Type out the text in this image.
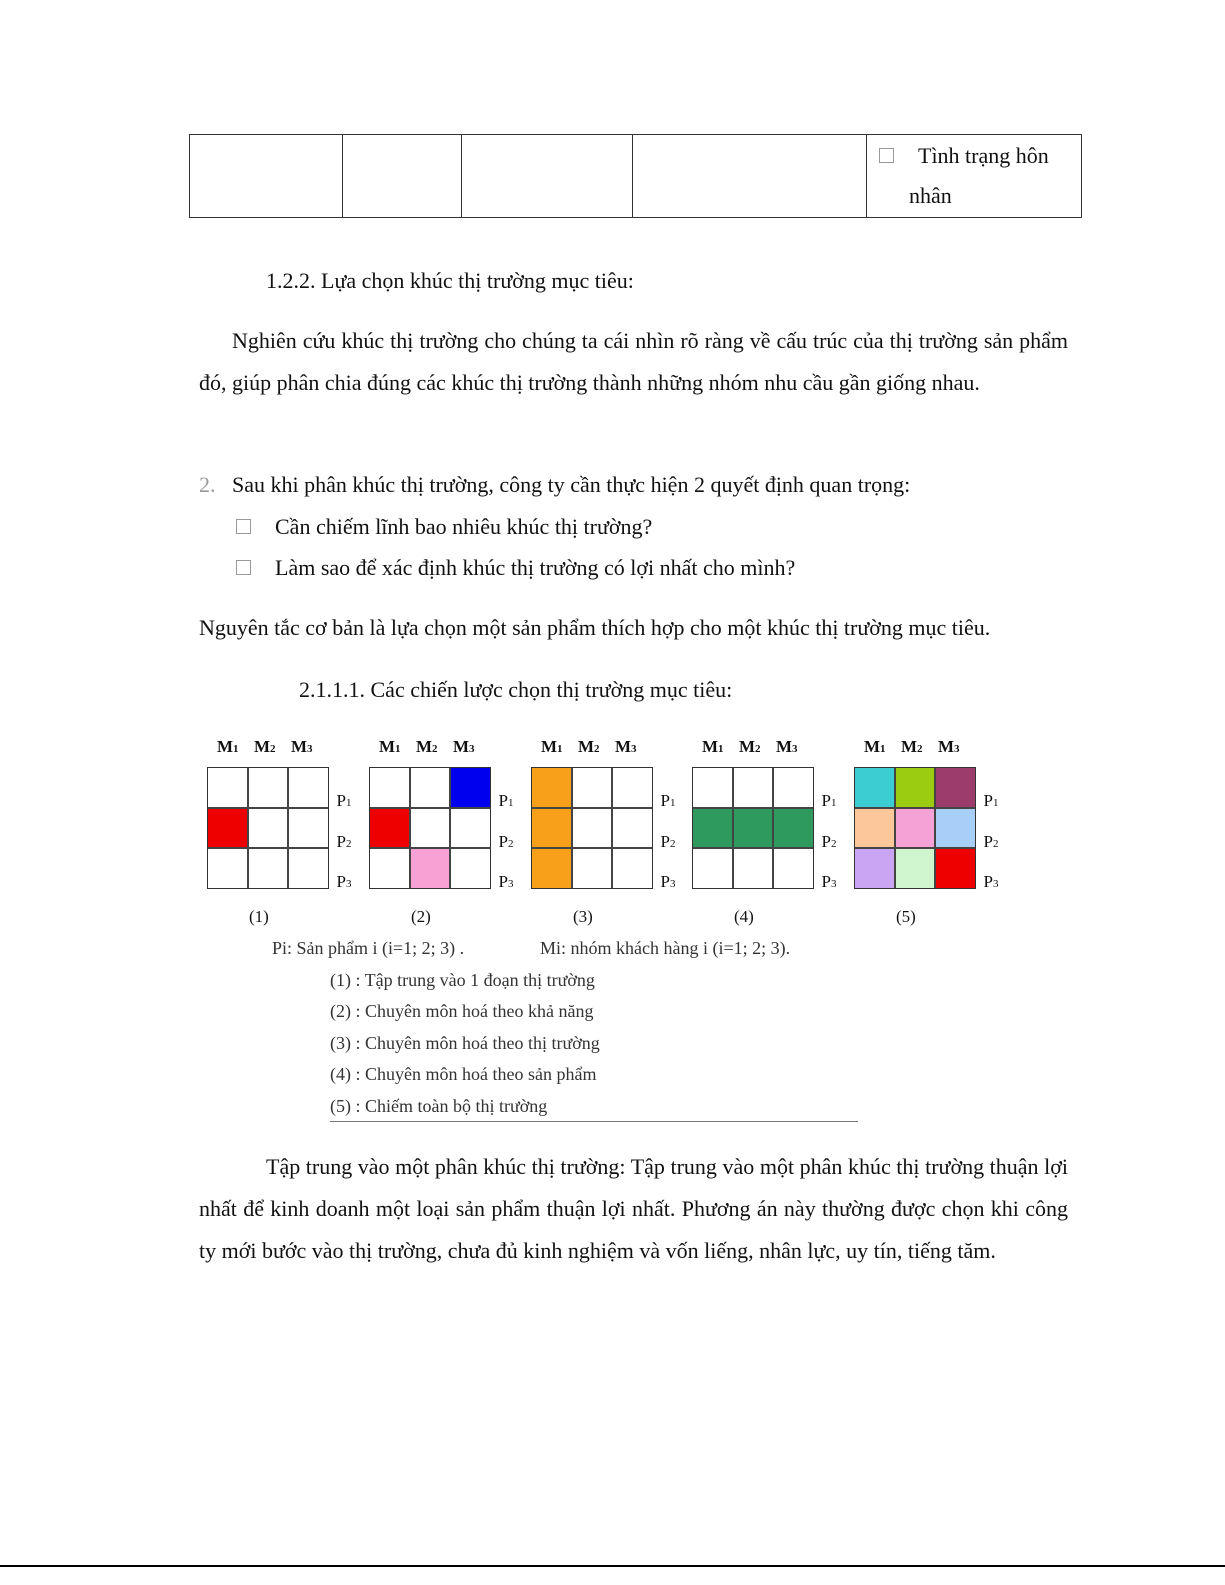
Tình trạng hôn
nhân
1.2.2. Lựa chọn khúc thị trường mục tiêu:
Nghiên cứu khúc thị trường cho chúng ta cái nhìn rõ ràng về cấu trúc của thị trường sản phẩm đó, giúp phân chia đúng các khúc thị trường thành những nhóm nhu cầu gần giống nhau.
2. Sau khi phân khúc thị trường, công ty cần thực hiện 2 quyết định quan trọng:
Cần chiếm lĩnh bao nhiêu khúc thị trường?
Làm sao để xác định khúc thị trường có lợi nhất cho mình?
Nguyên tắc cơ bản là lựa chọn một sản phẩm thích hợp cho một khúc thị trường mục tiêu.
2.1.1.1. Các chiến lược chọn thị trường mục tiêu:
M1 M2 M3
P1
P2
P3
(1)
M1 M2 M3
P1
P2
P3
(2)
M1 M2 M3
P1
P2
P3
(3)
M1 M2 M3
P1
P2
P3
(4)
M1 M2 M3
P1
P2
P3
(5)
Pi: Sản phẩm i (i=1; 2; 3) .	Mi: nhóm khách hàng i (i=1; 2; 3).
(1) : Tập trung vào 1 đoạn thị trường
(2) : Chuyên môn hoá theo khả năng
(3) : Chuyên môn hoá theo thị trường
(4) : Chuyên môn hoá theo sản phẩm
(5) : Chiếm toàn bộ thị trường
Tập trung vào một phân khúc thị trường: Tập trung vào một phân khúc thị trường thuận lợi nhất để kinh doanh một loại sản phẩm thuận lợi nhất. Phương án này thường được chọn khi công ty mới bước vào thị trường, chưa đủ kinh nghiệm và vốn liếng, nhân lực, uy tín, tiếng tăm.
